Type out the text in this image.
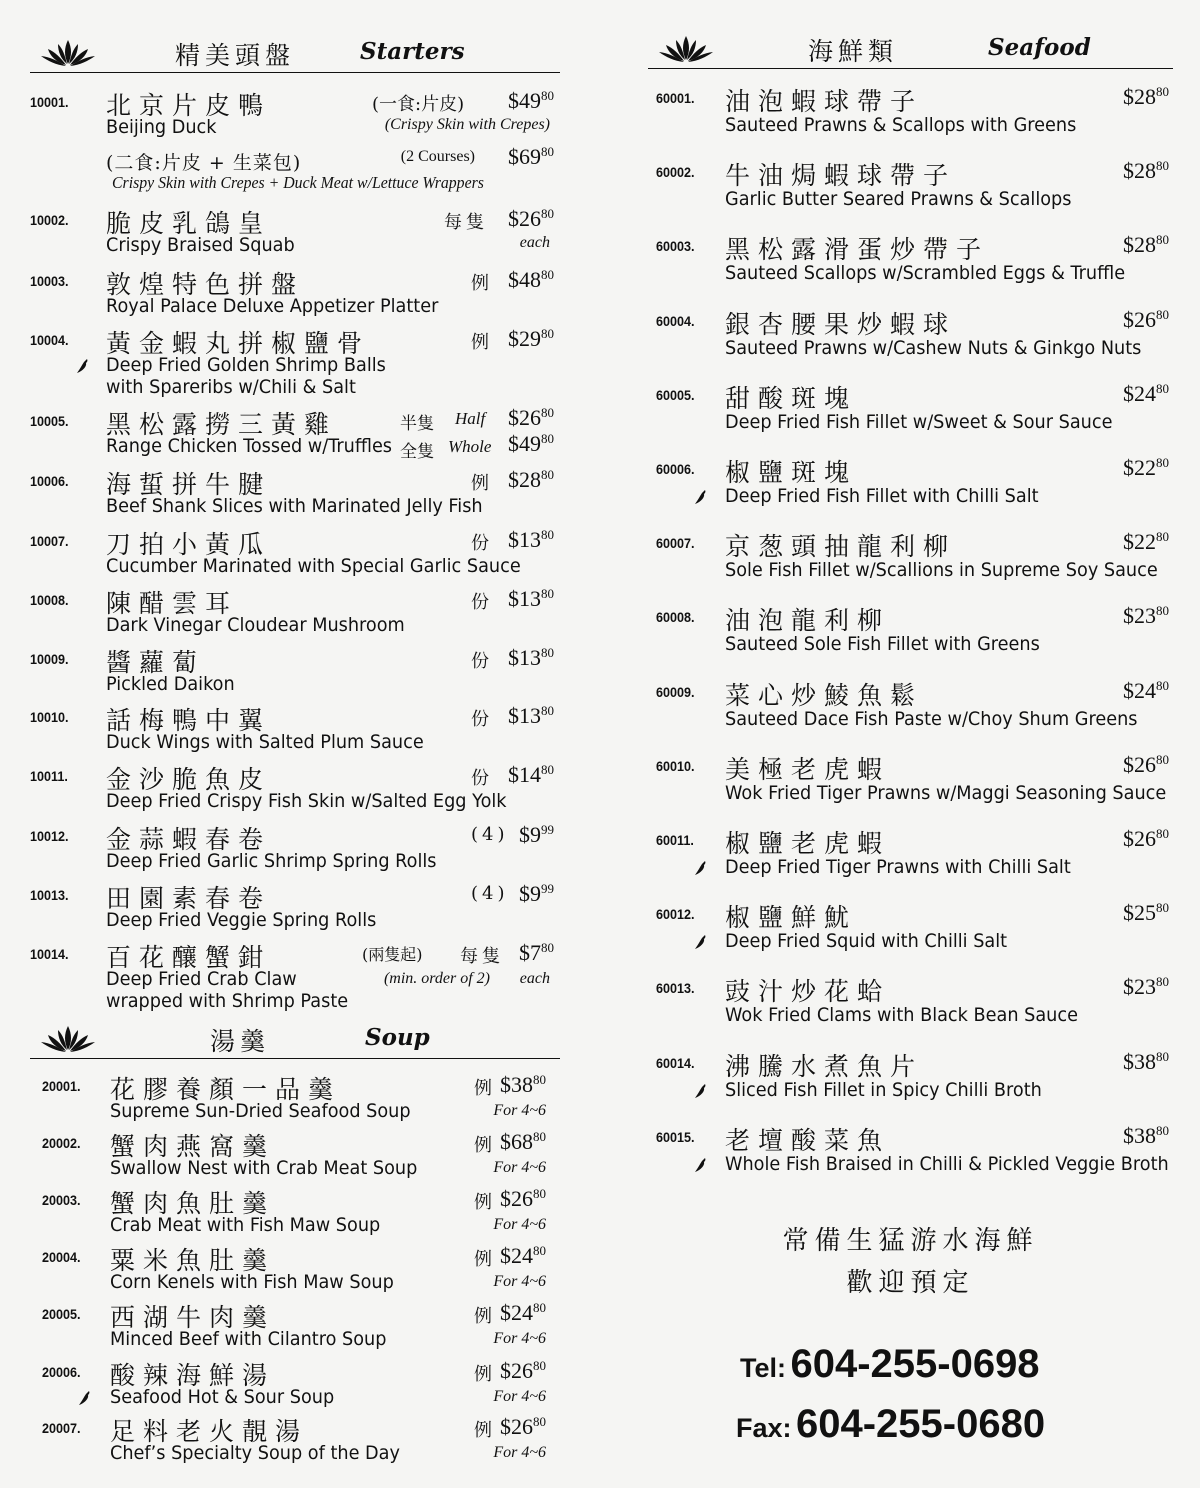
精美頭盤	Starters
10001. 北京片皮鴨
Beijing Duck
(一食:片皮) $\$49^{80}$
(Crispy Skin with Crepes)
(二食:片皮 + 生菜包)	(2 Courses) $\$69^{80}$
Crispy Skin with Crepes + Duck Meat w/Lettuce Wrappers
10002. 脆皮乳鴿皇
Crispy Braised Squab
每隻 $\$26^{80}$
each
10003. 敦煌特色拼盤
Royal Palace Deluxe Appetizer Platter
例 $\$48^{80}$
10004. 黃金蝦丸拼椒鹽骨
Deep Fried Golden Shrimp Balls
with Spareribs w/Chili & Salt
例 $\$29^{80}$
10005. 黑松露撈三黃雞
Range Chicken Tossed w/Truffles
半隻 Half $\$26^{80}$
全隻 Whole $\$49^{80}$
10006. 海蜇拼牛腱
Beef Shank Slices with Marinated Jelly Fish
例 $\$28^{80}$
10007. 刀拍小黃瓜
Cucumber Marinated with Special Garlic Sauce
份 $\$13^{80}$
10008. 陳醋雲耳
Dark Vinegar Cloudear Mushroom
份 $\$13^{80}$
10009. 醬蘿蔔
Pickled Daikon
份 $\$13^{80}$
10010. 話梅鴨中翼
Duck Wings with Salted Plum Sauce
份 $\$13^{80}$
10011. 金沙脆魚皮
Deep Fried Crispy Fish Skin w/Salted Egg Yolk
份 $\$14^{80}$
10012. 金蒜蝦春卷
Deep Fried Garlic Shrimp Spring Rolls
(4) $\$9^{99}$
10013. 田園素春卷
Deep Fried Veggie Spring Rolls
(4) $\$9^{99}$
10014. 百花釀蟹鉗
Deep Fried Crab Claw
wrapped with Shrimp Paste
(兩隻起) 每隻 $\$7^{80}$
(min. order of 2) each
湯羹	Soup
20001. 花膠養顏一品羹
Supreme Sun-Dried Seafood Soup
例 $\$38^{80}$
For 4~6
20002. 蟹肉燕窩羹
Swallow Nest with Crab Meat Soup
例 $\$68^{80}$
For 4~6
20003. 蟹肉魚肚羹
Crab Meat with Fish Maw Soup
例 $\$26^{80}$
For 4~6
20004. 粟米魚肚羹
Corn Kenels with Fish Maw Soup
例 $\$24^{80}$
For 4~6
20005. 西湖牛肉羹
Minced Beef with Cilantro Soup
例 $\$24^{80}$
For 4~6
20006. 酸辣海鮮湯
Seafood Hot & Sour Soup
例 $\$26^{80}$
For 4~6
20007. 足料老火靚湯
Chef’s Specialty Soup of the Day
例 $\$26^{80}$
For 4~6
海鮮類	Seafood
60001. 油泡蝦球帶子
Sauteed Prawns & Scallops with Greens
$\$28^{80}$
60002. 牛油焗蝦球帶子
Garlic Butter Seared Prawns & Scallops
$\$28^{80}$
60003. 黑松露滑蛋炒帶子
Sauteed Scallops w/Scrambled Eggs & Truffle
$\$28^{80}$
60004. 銀杏腰果炒蝦球
Sauteed Prawns w/Cashew Nuts & Ginkgo Nuts
$\$26^{80}$
60005. 甜酸斑塊
Deep Fried Fish Fillet w/Sweet & Sour Sauce
$\$24^{80}$
60006. 椒鹽斑塊
Deep Fried Fish Fillet with Chilli Salt
$\$22^{80}$
60007. 京葱頭抽龍利柳
Sole Fish Fillet w/Scallions in Supreme Soy Sauce
$\$22^{80}$
60008. 油泡龍利柳
Sauteed Sole Fish Fillet with Greens
$\$23^{80}$
60009. 菜心炒鯪魚鬆
Sauteed Dace Fish Paste w/Choy Shum Greens
$\$24^{80}$
60010. 美極老虎蝦
Wok Fried Tiger Prawns w/Maggi Seasoning Sauce
$\$26^{80}$
60011. 椒鹽老虎蝦
Deep Fried Tiger Prawns with Chilli Salt
$\$26^{80}$
60012. 椒鹽鮮魷
Deep Fried Squid with Chilli Salt
$\$25^{80}$
60013. 豉汁炒花蛤
Wok Fried Clams with Black Bean Sauce
$\$23^{80}$
60014. 沸騰水煮魚片
Sliced Fish Fillet in Spicy Chilli Broth
$\$38^{80}$
60015. 老壇酸菜魚
Whole Fish Braised in Chilli & Pickled Veggie Broth
$\$38^{80}$
常備生猛游水海鮮
歡迎預定
Tel: 604-255-0698
Fax: 604-255-0680
